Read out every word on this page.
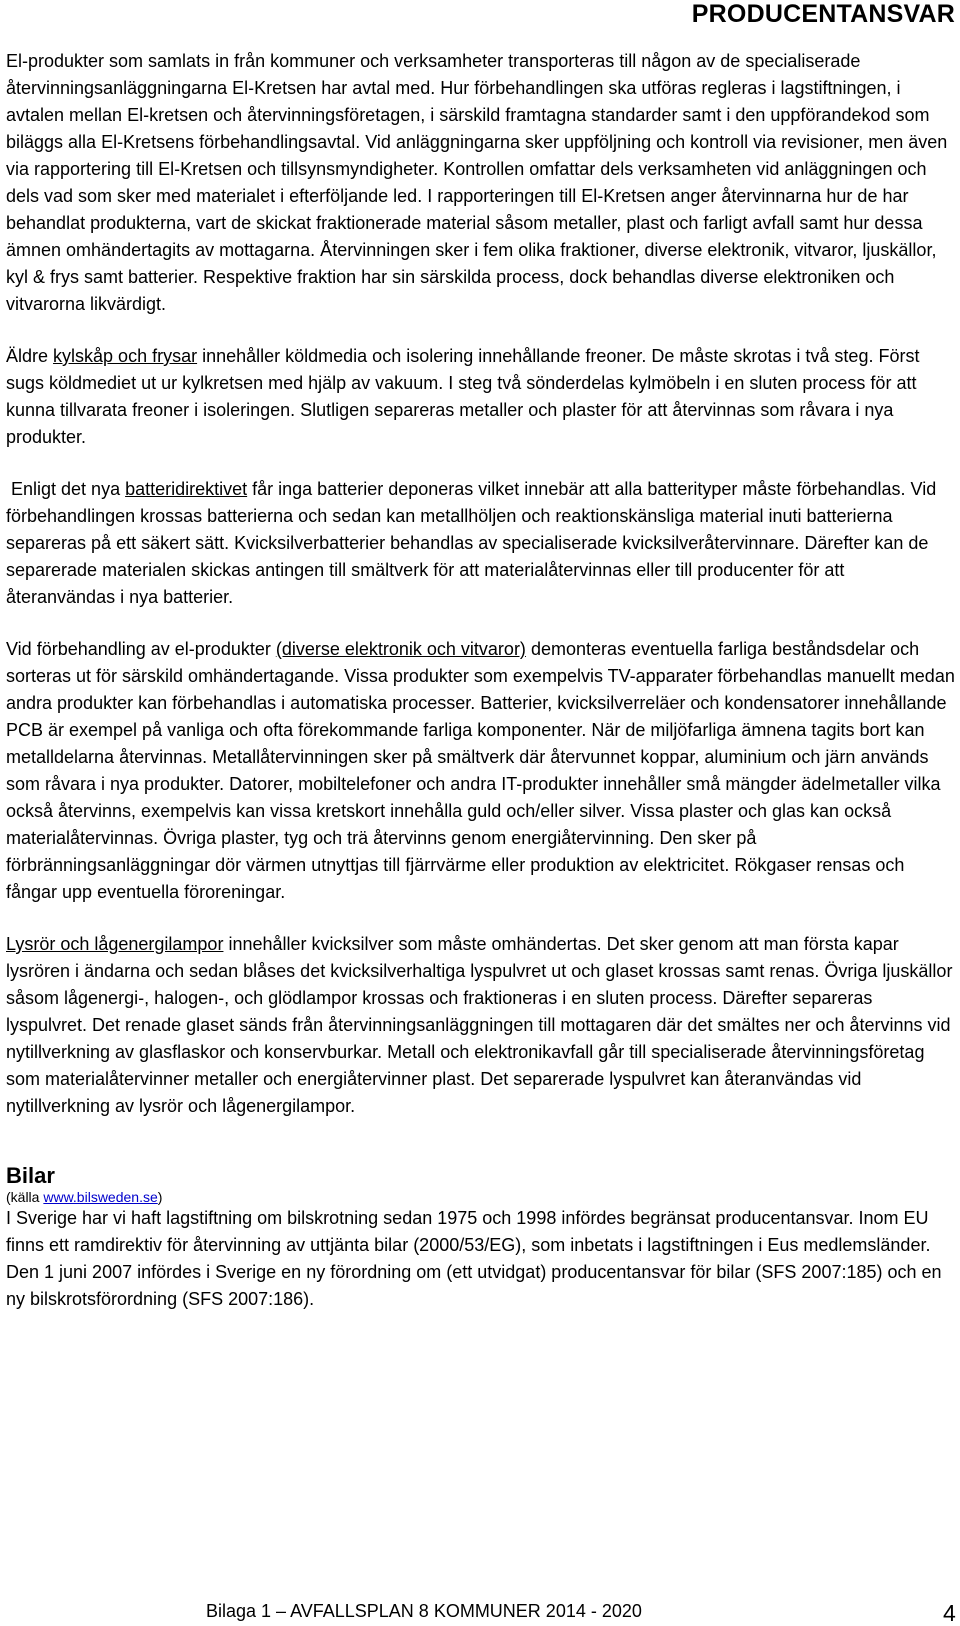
PRODUCENTANSVAR

El-produkter som samlats in från kommuner och verksamheter transporteras till någon av de specialiserade återvinningsanläggningarna El-Kretsen har avtal med. Hur förbehandlingen ska utföras regleras i lagstiftningen, i avtalen mellan El-kretsen och återvinningsföretagen, i särskild framtagna standarder samt i den uppförandekod som biläggs alla El-Kretsens förbehandlingsavtal. Vid anläggningarna sker uppföljning och kontroll via revisioner, men även via rapportering till El-Kretsen och tillsynsmyndigheter. Kontrollen omfattar dels verksamheten vid anläggningen och dels vad som sker med materialet i efterföljande led. I rapporteringen till El-Kretsen anger återvinnarna hur de har behandlat produkterna, vart de skickat fraktionerade material såsom metaller, plast och farligt avfall samt hur dessa ämnen omhändertagits av mottagarna. Återvinningen sker i fem olika fraktioner, diverse elektronik, vitvaror, ljuskällor, kyl & frys samt batterier. Respektive fraktion har sin särskilda process, dock behandlas diverse elektroniken och vitvarorna likvärdigt.

Äldre kylskåp och frysar innehåller köldmedia och isolering innehållande freoner. De måste skrotas i två steg. Först sugs köldmediet ut ur kylkretsen med hjälp av vakuum. I steg två sönderdelas kylmöbeln i en sluten process för att kunna tillvarata freoner i isoleringen. Slutligen separeras metaller och plaster för att återvinnas som råvara i nya produkter.

Enligt det nya batteridirektivet får inga batterier deponeras vilket innebär att alla batterityper måste förbehandlas. Vid förbehandlingen krossas batterierna och sedan kan metallhöljen och reaktionskänsliga material inuti batterierna separeras på ett säkert sätt. Kvicksilverbatterier behandlas av specialiserade kvicksilveråtervinnare. Därefter kan de separerade materialen skickas antingen till smältverk för att materialåtervinnas eller till producenter för att återanvändas i nya batterier.

Vid förbehandling av el-produkter (diverse elektronik och vitvaror) demonteras eventuella farliga beståndsdelar och sorteras ut för särskild omhändertagande. Vissa produkter som exempelvis TV-apparater förbehandlas manuellt medan andra produkter kan förbehandlas i automatiska processer. Batterier, kvicksilverreläer och kondensatorer innehållande PCB är exempel på vanliga och ofta förekommande farliga komponenter. När de miljöfarliga ämnena tagits bort kan metalldelarna återvinnas. Metallåtervinningen sker på smältverk där återvunnet koppar, aluminium och järn används som råvara i nya produkter. Datorer, mobiltelefoner och andra IT-produkter innehåller små mängder ädelmetaller vilka också återvinns, exempelvis kan vissa kretskort innehålla guld och/eller silver. Vissa plaster och glas kan också materialåtervinnas. Övriga plaster, tyg och trä återvinns genom energiåtervinning. Den sker på förbränningsanläggningar dör värmen utnyttjas till fjärrvärme eller produktion av elektricitet. Rökgaser rensas och fångar upp eventuella föroreningar.

Lysrör och lågenergilampor innehåller kvicksilver som måste omhändertas. Det sker genom att man första kapar lysrören i ändarna och sedan blåses det kvicksilverhaltiga lyspulvret ut och glaset krossas samt renas. Övriga ljuskällor såsom lågenergi-, halogen-, och glödlampor krossas och fraktioneras i en sluten process. Därefter separeras lyspulvret. Det renade glaset sänds från återvinningsanläggningen till mottagaren där det smältes ner och återvinns vid nytillverkning av glasflaskor och konservburkar. Metall och elektronikavfall går till specialiserade återvinningsföretag som materialåtervinner metaller och energiåtervinner plast. Det separerade lyspulvret kan återanvändas vid nytillverkning av lysrör och lågenergilampor.

Bilar

(källa www.bilsweden.se)

I Sverige har vi haft lagstiftning om bilskrotning sedan 1975 och 1998 infördes begränsat producentansvar. Inom EU finns ett ramdirektiv för återvinning av uttjänta bilar (2000/53/EG), som inbetats i lagstiftningen i Eus medlemsländer. Den 1 juni 2007 infördes i Sverige en ny förordning om (ett utvidgat) producentansvar för bilar (SFS 2007:185) och en ny bilskrotsförordning (SFS 2007:186).

Bilaga 1 – AVFALLSPLAN 8 KOMMUNER 2014 - 2020	4
